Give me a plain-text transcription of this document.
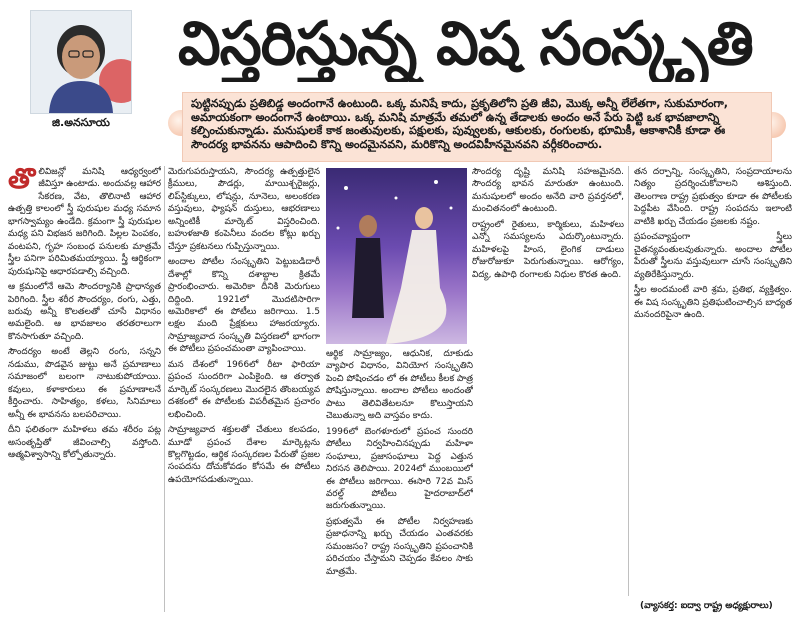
జి.అనసూయ
విస్తరిస్తున్న విష సంస్కృతి
పుట్టినప్పుడు ప్రతిబిడ్డ అందంగానే ఉంటుంది. ఒక్క మనిషే కాదు, ప్రకృతిలోని ప్రతి జీవి, మొక్క అన్నీ లేలేతగా, సుకుమారంగా, అమాయకంగా అందంగానే ఉంటాయి. ఒక్క మనిషి మాత్రమే తమలో ఉన్న తేడాలకు అందం అనే పేరు పెట్టి ఒక భావజాలాన్ని కల్పించుకున్నాడు. మనుషులకే కాక జంతువులకు, పక్షులకు, పువ్వులకు, ఆకులకు, రంగులకు, భూమికీ, ఆకాశానికీ కూడా ఈ సౌందర్య భావనను ఆపాదించి కొన్ని అందమైనవని, మరికొన్ని అందవిహీనమైనవని వర్గీకరించారు.
తొ లివిజన్లో మనిషి ఆధ్యర్వంలో జీవిస్తూ ఉంటాడు. అందువల్ల ఆహార సేకరణ, వేట, తొలినాటి ఆహార ఉత్పత్తి కాలంలో స్త్రీ పురుషుల మధ్య సమాన భాగస్వామ్యం ఉండేది. క్రమంగా స్త్రీ పురుషుల మధ్య పని విభజన జరిగింది. పిల్లల పెంపకం, వంటపని, గృహ సంబంధ పనులకు మాత్రమే స్త్రీల పనిగా పరిమితమయ్యాయి. స్త్రీ ఆర్థికంగా పురుషునిపై ఆధారపడాల్సి వచ్చింది.

ఆ క్రమంలోనే ఆమె సౌందర్యానికి ప్రాధాన్యత పెరిగింది. స్త్రీల శరీర సౌందర్యం, రంగు, ఎత్తు, బరువు అన్నీ కొలతలతో చూసే విధానం అమలైంది. ఆ భావజాలం తరతరాలుగా కొనసాగుతూ వచ్చింది.

సౌందర్యం అంటే తెల్లని రంగు, సన్నని నడుము, పొడవైన జుట్టు అనే ప్రమాణాలు సమాజంలో బలంగా నాటుకుపోయాయి. కవులు, కళాకారులు ఈ ప్రమాణాలనే కీర్తించారు. సాహిత్యం, కళలు, సినిమాలు అన్నీ ఈ భావనను బలపరిచాయి.

దీని ఫలితంగా మహిళలు తమ శరీరం పట్ల అసంతృప్తితో జీవించాల్సి వస్తోంది. ఆత్మవిశ్వాసాన్ని కోల్పోతున్నారు.

మెరుగుపరుస్తాయని, సౌందర్య ఉత్పత్తులైన క్రీములు, పౌడర్లు, మాయిశ్చరైజర్లు, లిప్‌స్టిక్కులు, లోషన్లు, నూనెలు, అలంకరణ వస్తువులు, ఫ్యాషన్ దుస్తులు, ఆభరణాలు అన్నింటికీ మార్కెట్ విస్తరించింది. బహుళజాతి కంపెనీలు వందల కోట్లు ఖర్చు చేస్తూ ప్రకటనలు గుప్పిస్తున్నాయి.

అందాల పోటీల సంస్కృతిని పెట్టుబడిదారీ దేశాల్లో కొన్ని దశాబ్దాల క్రితమే ప్రారంభించారు. అమెరికా దీనికి మెరుగులు దిద్దింది. 1921లో మొదటిసారిగా అమెరికాలో ఈ పోటీలు జరిగాయి. 1.5 లక్షల మంది ప్రేక్షకులు హాజరయ్యారు. సామ్రాజ్యవాద సంస్కృతి విస్తరణలో భాగంగా ఈ పోటీలు ప్రపంచమంతా వ్యాపించాయి.

మన దేశంలో 1966లో రీటా ఫారియా ప్రపంచ సుందరిగా ఎంపికైంది. ఆ తర్వాత మార్కెట్ సంస్కరణలు మొదలైన తొంబయ్యవ దశకంలో ఈ పోటీలకు విపరీతమైన ప్రచారం లభించింది.

సామ్రాజ్యవాద శక్తులతో చేతులు కలపడం, మూడో ప్రపంచ దేశాల మార్కెట్లను కొల్లగొట్టడం, ఆర్థిక సంస్కరణల పేరుతో ప్రజల సంపదను దోచుకోవడం కోసమే ఈ పోటీలు ఉపయోగపడుతున్నాయి.

ఆర్థిక సామ్రాజ్యం, ఆధునిక, దూకుడు వ్యాపార విధానం, వినియోగ సంస్కృతిని పెంచి పోషించడం లో ఈ పోటీలు కీలక పాత్ర పోషిస్తున్నాయి. అందాల పోటీలు అందంతో పాటు తెలివితేటలనూ కొలుస్తాయని చెబుతున్నా అది వాస్తవం కాదు.

1996లో బెంగళూరులో ప్రపంచ సుందరి పోటీలు నిర్వహించినప్పుడు మహిళా సంఘాలు, ప్రజాసంఘాలు పెద్ద ఎత్తున నిరసన తెలిపాయి. 2024లో ముంబయిలో ఈ పోటీలు జరిగాయి. ఈసారి 72వ మిస్ వరల్డ్ పోటీలు హైదరాబాద్‌లో జరుగుతున్నాయి.

ప్రభుత్వమే ఈ పోటీల నిర్వహణకు ప్రజాధనాన్ని ఖర్చు చేయడం ఎంతవరకు సమంజసం? రాష్ట్ర సంస్కృతిని ప్రపంచానికి పరిచయం చేస్తామని చెప్పడం కేవలం సాకు మాత్రమే.

సౌందర్య దృష్టి మనిషి సహజమైనది. సౌందర్య భావన మారుతూ ఉంటుంది. మనుషులలో అందం అనేది వారి ప్రవర్తనలో, మంచితనంలో ఉంటుంది.

రాష్ట్రంలో రైతులు, కార్మికులు, మహిళలు ఎన్నో సమస్యలను ఎదుర్కొంటున్నారు. మహిళలపై హింస, లైంగిక దాడులు రోజురోజుకూ పెరుగుతున్నాయి. ఆరోగ్యం, విద్య, ఉపాధి రంగాలకు నిధుల కొరత ఉంది.

తన దర్పాన్ని, సంస్కృతిని, సంప్రదాయాలను నిత్యం ప్రదర్శించుకోవాలని ఆశిస్తుంది. తెలంగాణ రాష్ట్ర ప్రభుత్వం కూడా ఈ పోటీలకు పెద్దపీట వేసింది. రాష్ట్ర సంపదను ఇలాంటి వాటికి ఖర్చు చేయడం ప్రజలకు నష్టం.

ప్రపంచవ్యాప్తంగా స్త్రీలు చైతన్యవంతులవుతున్నారు. అందాల పోటీల పేరుతో స్త్రీలను వస్తువులుగా చూసే సంస్కృతిని వ్యతిరేకిస్తున్నారు.

స్త్రీల అందమంటే వారి శ్రమ, ప్రతిభ, వ్యక్తిత్వం. ఈ విష సంస్కృతిని ప్రతిఘటించాల్సిన బాధ్యత మనందరిపైనా ఉంది.

(వ్యాసకర్త: ఐద్వా రాష్ట్ర అధ్యక్షురాలు)
